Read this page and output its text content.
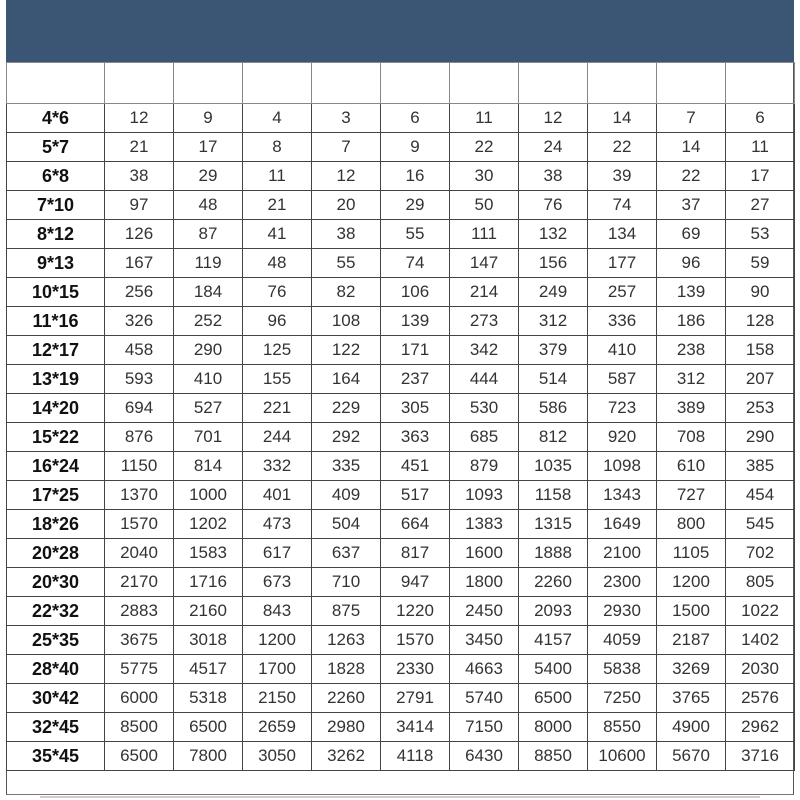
4*6	12	9	4	3	6	11	12	14	7	6
5*7	21	17	8	7	9	22	24	22	14	11
6*8	38	29	11	12	16	30	38	39	22	17
7*10	97	48	21	20	29	50	76	74	37	27
8*12	126	87	41	38	55	111	132	134	69	53
9*13	167	119	48	55	74	147	156	177	96	59
10*15	256	184	76	82	106	214	249	257	139	90
11*16	326	252	96	108	139	273	312	336	186	128
12*17	458	290	125	122	171	342	379	410	238	158
13*19	593	410	155	164	237	444	514	587	312	207
14*20	694	527	221	229	305	530	586	723	389	253
15*22	876	701	244	292	363	685	812	920	708	290
16*24	1150	814	332	335	451	879	1035	1098	610	385
17*25	1370	1000	401	409	517	1093	1158	1343	727	454
18*26	1570	1202	473	504	664	1383	1315	1649	800	545
20*28	2040	1583	617	637	817	1600	1888	2100	1105	702
20*30	2170	1716	673	710	947	1800	2260	2300	1200	805
22*32	2883	2160	843	875	1220	2450	2093	2930	1500	1022
25*35	3675	3018	1200	1263	1570	3450	4157	4059	2187	1402
28*40	5775	4517	1700	1828	2330	4663	5400	5838	3269	2030
30*42	6000	5318	2150	2260	2791	5740	6500	7250	3765	2576
32*45	8500	6500	2659	2980	3414	7150	8000	8550	4900	2962
35*45	6500	7800	3050	3262	4118	6430	8850	10600	5670	3716
